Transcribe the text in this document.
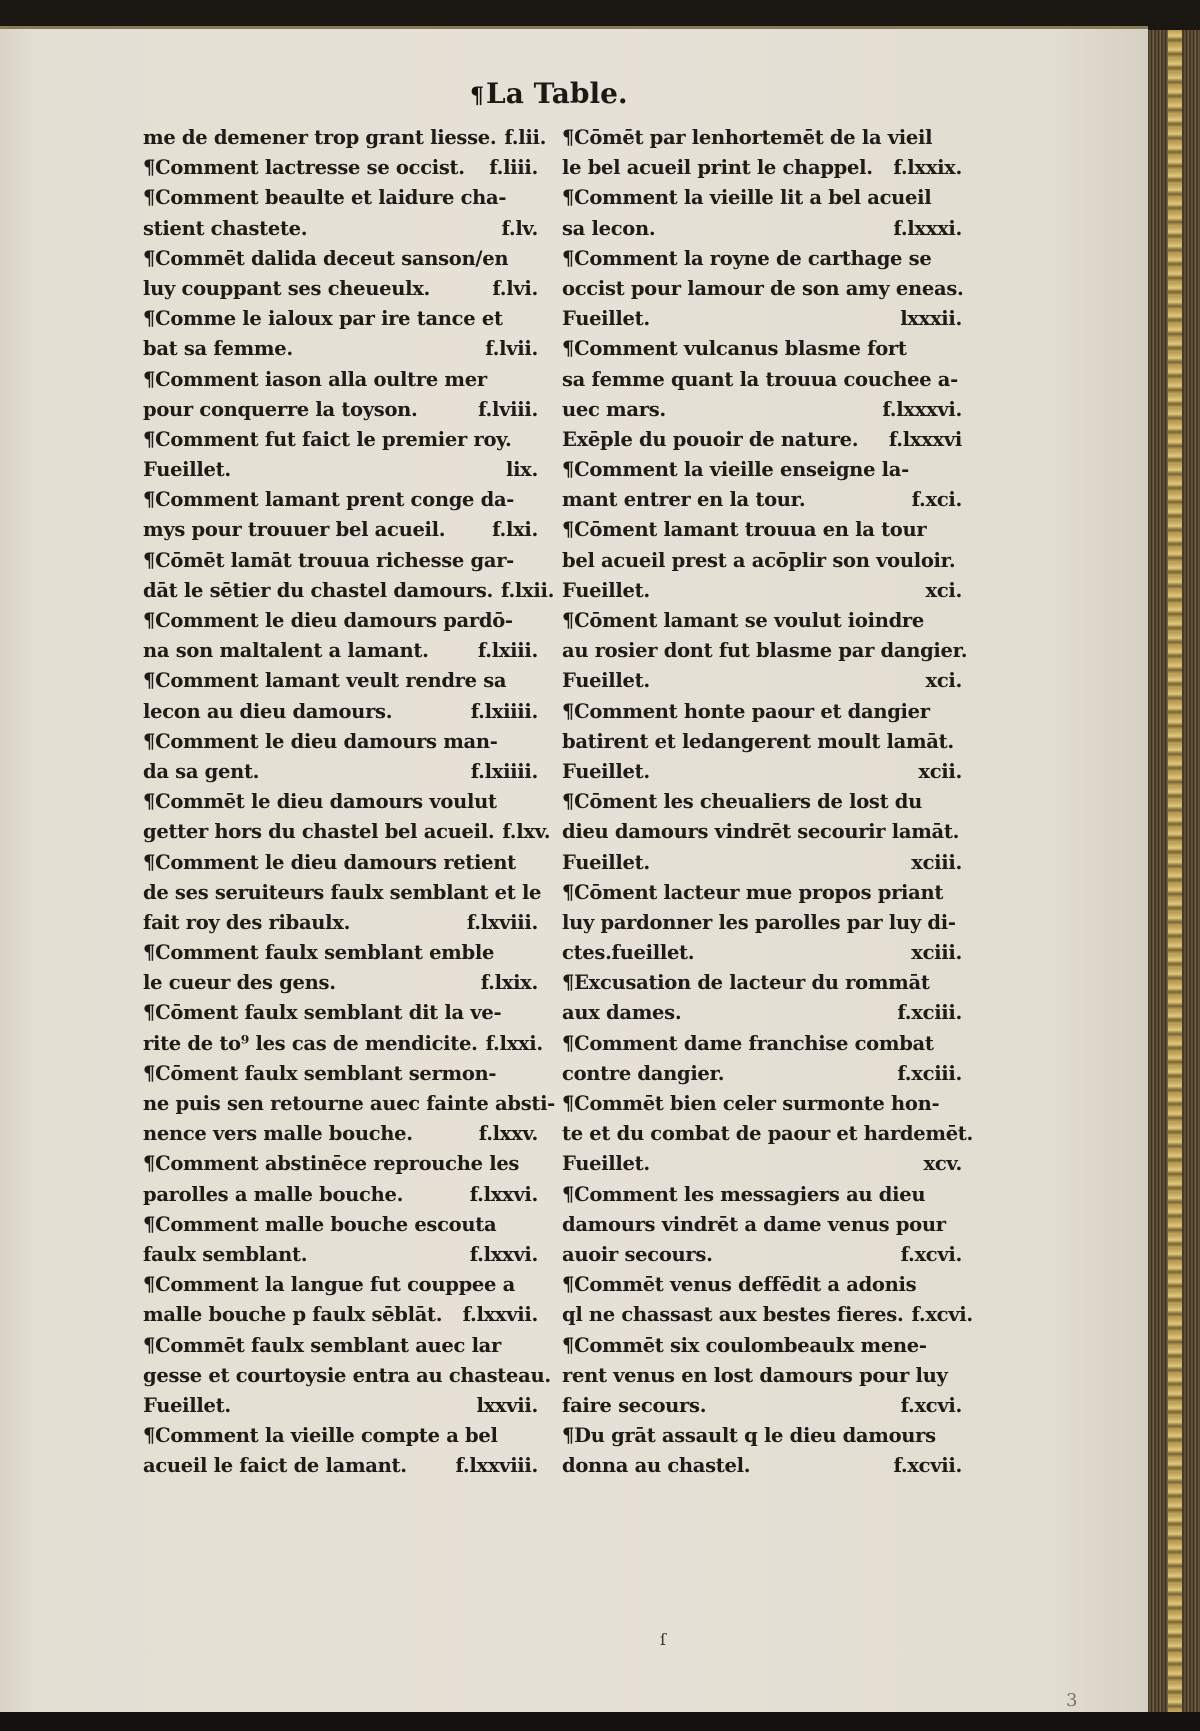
¶La Table.
me de demener trop grant liesse. f.lii.
¶Comment lactresse se occist. f.liii.
¶Comment beaulte et laidure cha-
stient chastete.	f.lv.
¶Commēt dalida deceut sanson/en
luy couppant ses cheueulx.	f.lvi.
¶Comme le ialoux par ire tance et
bat sa femme.	f.lvii.
¶Comment iason alla oultre mer
pour conquerre la toyson.	f.lviii.
¶Comment fut faict le premier roy.
Fueillet.	lix.
¶Comment lamant prent conge da-
mys pour trouuer bel acueil. f.lxi.
¶Cōmēt lamāt trouua richesse gar-
dāt le sētier du chastel damours. f.lxii.
¶Comment le dieu damours pardō-
na son maltalent a lamant.	f.lxiii.
¶Comment lamant veult rendre sa
lecon au dieu damours.	f.lxiiii.
¶Comment le dieu damours man-
da sa gent.	f.lxiiii.
¶Commēt le dieu damours voulut
getter hors du chastel bel acueil. f.lxv.
¶Comment le dieu damours retient
de ses seruiteurs faulx semblant et le
fait roy des ribaulx.	f.lxviii.
¶Comment faulx semblant emble
le cueur des gens.	f.lxix.
¶Cōment faulx semblant dit la ve-
rite de to⁹ les cas de mendicite. f.lxxi.
¶Cōment faulx semblant sermon-
ne puis sen retourne auec fainte absti-
nence vers malle bouche.	f.lxxv.
¶Comment abstinēce reprouche les
parolles a malle bouche.	f.lxxvi.
¶Comment malle bouche escouta
faulx semblant.	f.lxxvi.
¶Comment la langue fut couppee a
malle bouche p faulx sēblāt. f.lxxvii.
¶Commēt faulx semblant auec lar
gesse et courtoysie entra au chasteau.
Fueillet.	lxxvii.
¶Comment la vieille compte a bel
acueil le faict de lamant.	f.lxxviii.
¶Cōmēt par lenhortemēt de la vieil
le bel acueil print le chappel. f.lxxix.
¶Comment la vieille lit a bel acueil
sa lecon.	f.lxxxi.
¶Comment la royne de carthage se
occist pour lamour de son amy eneas.
Fueillet.	lxxxii.
¶Comment vulcanus blasme fort
sa femme quant la trouua couchee a-
uec mars.	f.lxxxvi.
Exēple du pouoir de nature. f.lxxxvi
¶Comment la vieille enseigne la-
mant entrer en la tour.	f.xci.
¶Cōment lamant trouua en la tour
bel acueil prest a acōplir son vouloir.
Fueillet.	xci.
¶Cōment lamant se voulut ioindre
au rosier dont fut blasme par dangier.
Fueillet.	xci.
¶Comment honte paour et dangier
batirent et ledangerent moult lamāt.
Fueillet.	xcii.
¶Cōment les cheualiers de lost du
dieu damours vindrēt secourir lamāt.
Fueillet.	xciii.
¶Cōment lacteur mue propos priant
luy pardonner les parolles par luy di-
ctes.fueillet.	xciii.
¶Excusation de lacteur du rommāt
aux dames.	f.xciii.
¶Comment dame franchise combat
contre dangier.	f.xciii.
¶Commēt bien celer surmonte hon-
te et du combat de paour et hardemēt.
Fueillet.	xcv.
¶Comment les messagiers au dieu
damours vindrēt a dame venus pour
auoir secours.	f.xcvi.
¶Commēt venus deffēdit a adonis
ql ne chassast aux bestes fieres. f.xcvi.
¶Commēt six coulombeaulx mene-
rent venus en lost damours pour luy
faire secours.	f.xcvi.
¶Du grāt assault q le dieu damours
donna au chastel.	f.xcvii.
ſ
3
